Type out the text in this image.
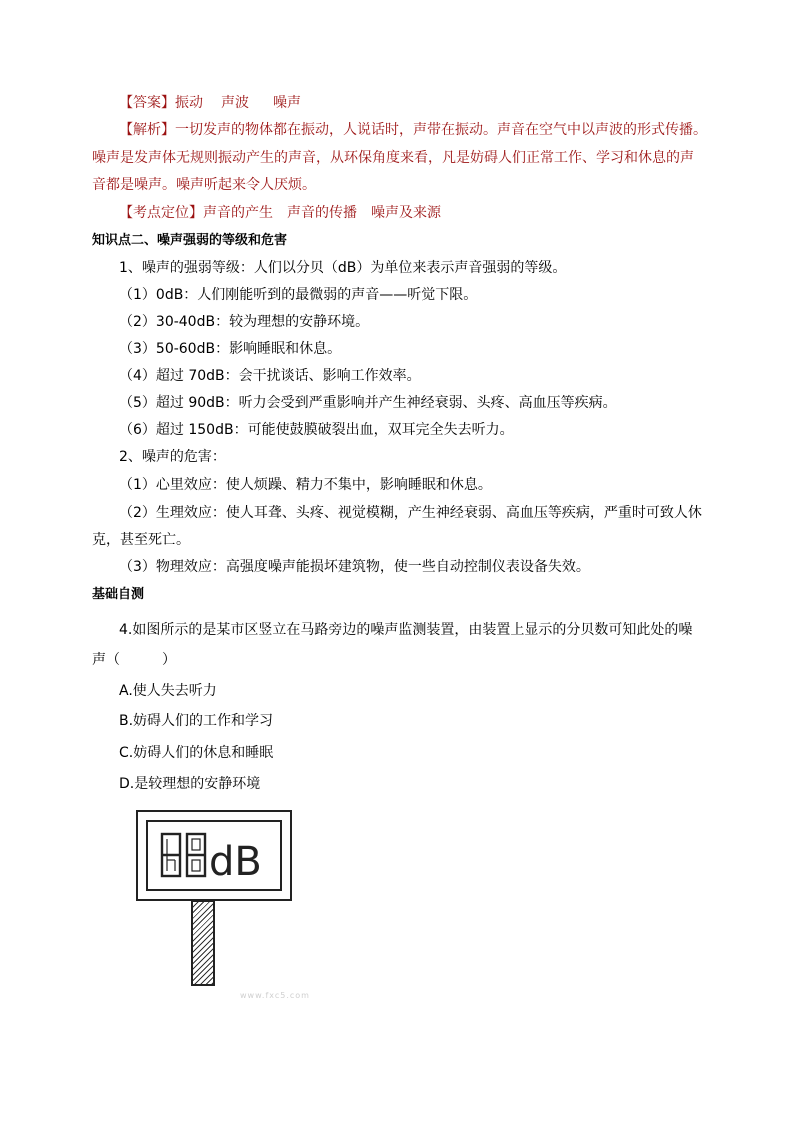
【答案】振动 声波 噪声
【解析】一切发声的物体都在振动，人说话时，声带在振动。声音在空气中以声波的形式传播。
噪声是发声体无规则振动产生的声音，从环保角度来看，凡是妨碍人们正常工作、学习和休息的声
音都是噪声。噪声听起来令人厌烦。
【考点定位】声音的产生 声音的传播 噪声及来源
知识点二、噪声强弱的等级和危害
1、噪声的强弱等级：人们以分贝（dB）为单位来表示声音强弱的等级。
（1）0dB：人们刚能听到的最微弱的声音——听觉下限。
（2）30-40dB：较为理想的安静环境。
（3）50-60dB：影响睡眠和休息。
（4）超过 70dB：会干扰谈话、影响工作效率。
（5）超过 90dB：听力会受到严重影响并产生神经衰弱、头疼、高血压等疾病。
（6）超过 150dB：可能使鼓膜破裂出血，双耳完全失去听力。
2、噪声的危害：
（1）心里效应：使人烦躁、精力不集中，影响睡眠和休息。
（2）生理效应：使人耳聋、头疼、视觉模糊，产生神经衰弱、高血压等疾病，严重时可致人休
克，甚至死亡。
（3）物理效应：高强度噪声能损坏建筑物，使一些自动控制仪表设备失效。
基础自测
4.如图所示的是某市区竖立在马路旁边的噪声监测装置，由装置上显示的分贝数可知此处的噪
声（　　　）
A.使人失去听力
B.妨碍人们的工作和学习
C.妨碍人们的休息和睡眠
D.是较理想的安静环境
dB
www.fxc5.com
